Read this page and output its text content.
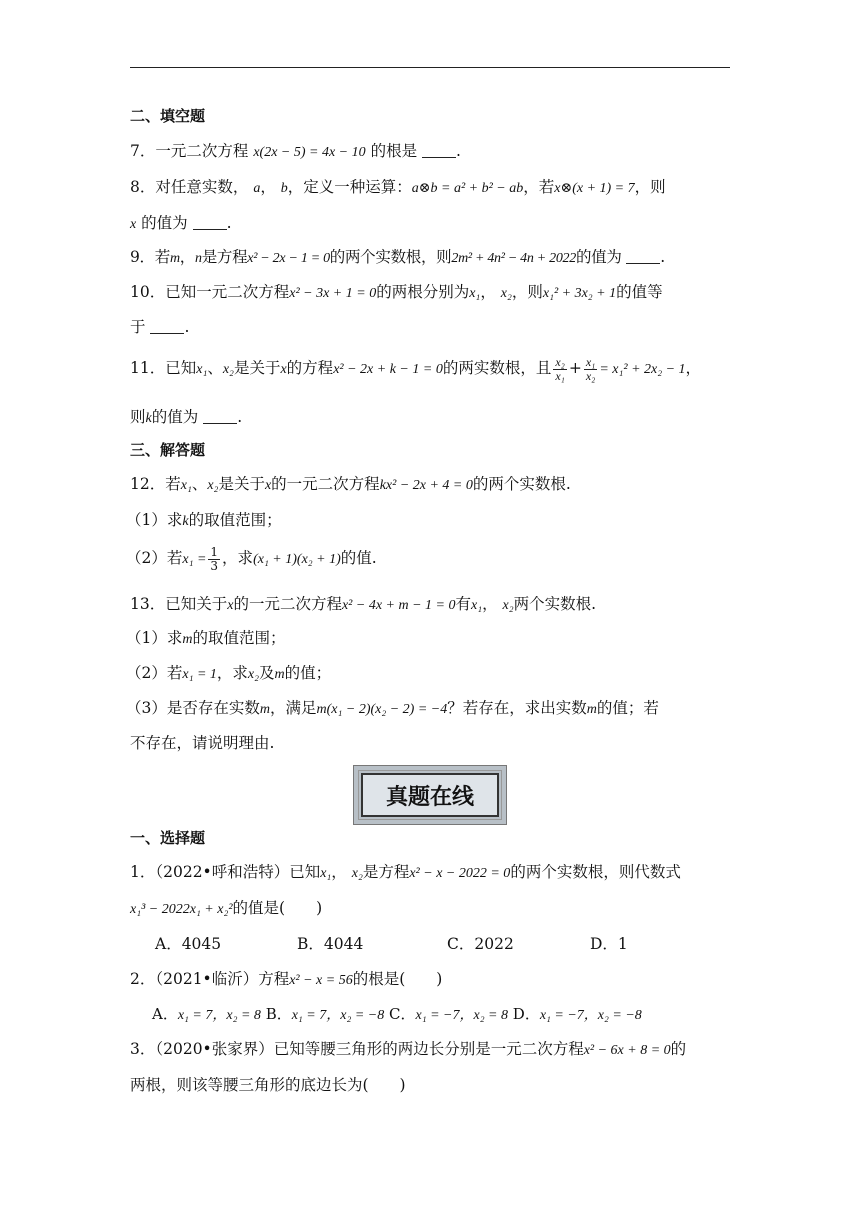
二、填空题
7．一元二次方程 x(2x − 5) = 4x − 10 的根是	.
8．对任意实数， a， b，定义一种运算：a⊗b = a² + b² − ab，若x⊗(x + 1) = 7，则
x 的值为	.
9．若m，n是方程x² − 2x − 1 = 0的两个实数根，则2m² + 4n² − 4n + 2022的值为 .
10．已知一元二次方程x² − 3x + 1 = 0的两根分别为x₁， x₂，则x₁² + 3x₂ + 1的值等
于	.
11．已知x₁、x₂是关于x的方程x² − 2x + k − 1 = 0的两实数根，且 $\frac{\text{x₂}}{\text{x₁}} + \frac{\text{x₁}}{\text{x₂}} = x_1^2 + 2x_2 - 1$，
则k的值为	.
三、解答题
12．若x₁、x₂是关于x的一元二次方程kx² − 2x + 4 = 0的两个实数根.
（1）求k的取值范围；
（2）若$x_1 = \frac{1}{3}$ ，求(x₁ + 1)(x₂ + 1)的值.
13．已知关于x的一元二次方程x² − 4x + m − 1 = 0有x₁， x₂两个实数根.
（1）求m的取值范围；
（2）若x₁ = 1，求x₂及m的值；
（3）是否存在实数m，满足m(x₁ − 2)(x₂ − 2) = −4？若存在，求出实数m的值；若
不存在，请说明理由.
真题在线
一、选择题
1．（2022•呼和浩特）已知x₁， x₂是方程x² − x − 2022 = 0的两个实数根，则代数式
x₁³ − 2022x₁ + x₂²的值是(　　)
A．4045	B．4044	C．2022	D．1
2．（2021•临沂）方程x² − x = 56的根是(　　)
A．x₁ = 7，x₂ = 8 B．x₁ = 7，x₂ = −8 C．x₁ = −7，x₂ = 8 D．x₁ = −7，x₂ = −8
3．（2020•张家界）已知等腰三角形的两边长分别是一元二次方程x² − 6x + 8 = 0的
两根，则该等腰三角形的底边长为(　　)
